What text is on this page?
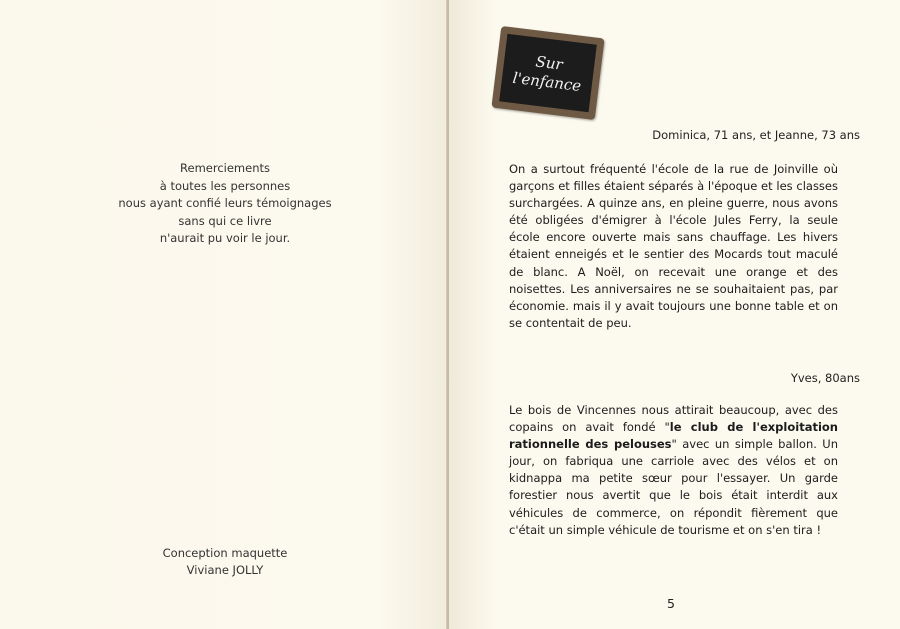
Remerciements
à toutes les personnes
nous ayant confié leurs témoignages
sans qui ce livre
n'aurait pu voir le jour.
Conception maquette
Viviane JOLLY
Sur
l'enfance
Dominica, 71 ans, et Jeanne, 73 ans
On a surtout fréquenté l'école de la rue de Joinville où garçons et filles étaient séparés à l'époque et les classes surchargées. A quinze ans, en pleine guerre, nous avons été obligées d'émigrer à l'école Jules Ferry, la seule école encore ouverte mais sans chauffage. Les hivers étaient enneigés et le sentier des Mocards tout maculé de blanc. A Noël, on recevait une orange et des noisettes. Les anniversaires ne se souhaitaient pas, par économie. mais il y avait toujours une bonne table et on se contentait de peu.
Yves, 80ans
Le bois de Vincennes nous attirait beaucoup, avec des copains on avait fondé "le club de l'exploitation rationnelle des pelouses" avec un simple ballon. Un jour, on fabriqua une carriole avec des vélos et on kidnappa ma petite sœur pour l'essayer. Un garde forestier nous avertit que le bois était interdit aux véhicules de commerce, on répondit fièrement que c'était un simple véhicule de tourisme et on s'en tira !
5
